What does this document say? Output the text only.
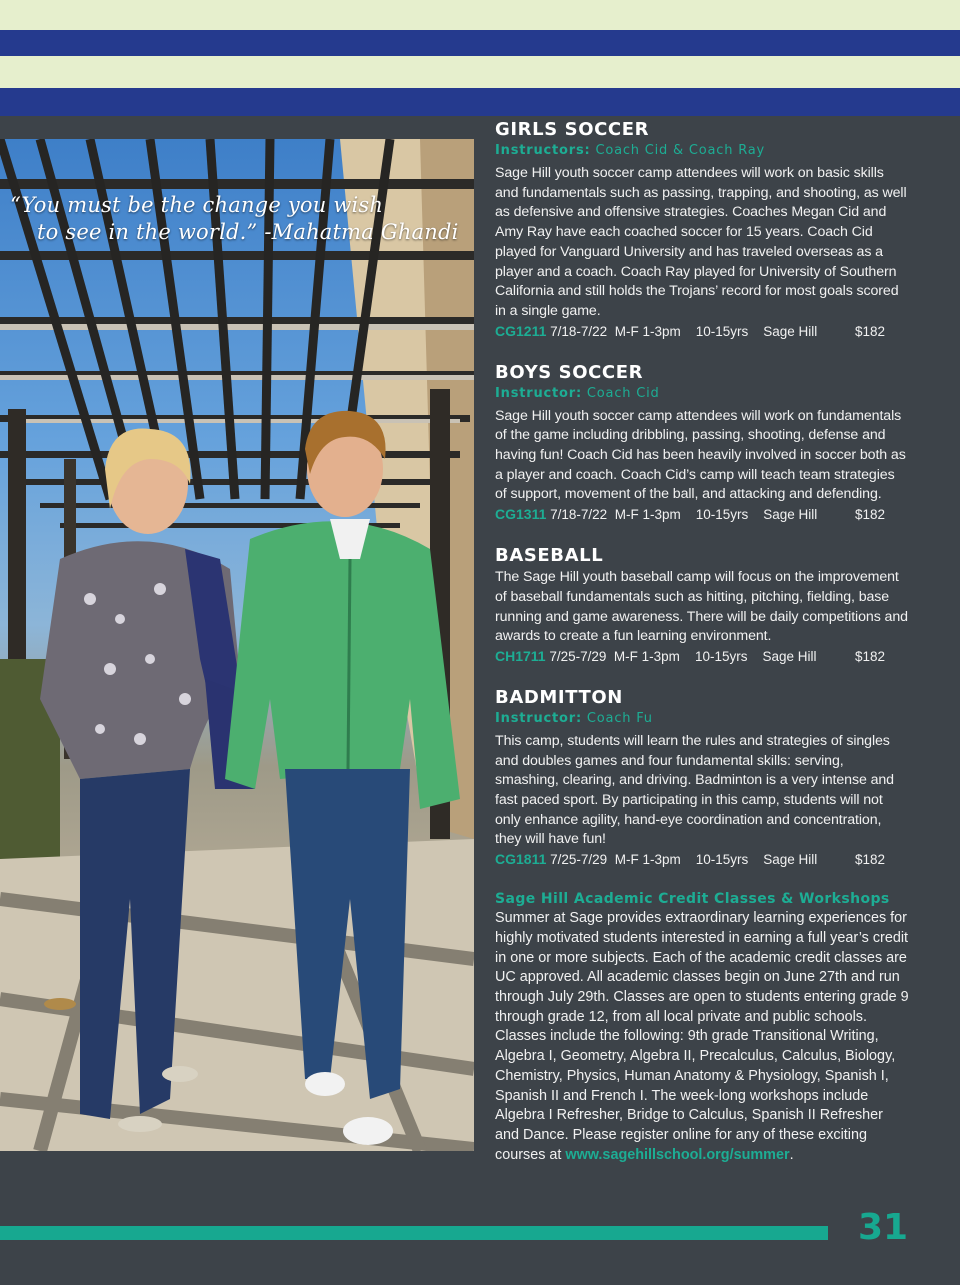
“You must be the change you wish
to see in the world.” -Mahatma Ghandi
GIRLS SOCCER
Instructors: Coach Cid & Coach Ray
Sage Hill youth soccer camp attendees will work on basic skills and fundamentals such as passing, trapping, and shooting, as well as defensive and offensive strategies. Coaches Megan Cid and Amy Ray have each coached soccer for 15 years. Coach Cid played for Vanguard University and has traveled overseas as a player and a coach. Coach Ray played for University of Southern California and still holds the Trojans’ record for most goals scored in a single game.
CG1211 7/18-7/22 M-F 1-3pm 10-15yrs Sage Hill	$182
BOYS SOCCER
Instructor: Coach Cid
Sage Hill youth soccer camp attendees will work on fundamentals of the game including dribbling, passing, shooting, defense and having fun! Coach Cid has been heavily involved in soccer both as a player and coach. Coach Cid’s camp will teach team strategies of support, movement of the ball, and attacking and defending.
CG1311 7/18-7/22 M-F 1-3pm 10-15yrs Sage Hill	$182
BASEBALL
The Sage Hill youth baseball camp will focus on the improvement of baseball fundamentals such as hitting, pitching, fielding, base running and game awareness. There will be daily competitions and awards to create a fun learning environment.
CH1711 7/25-7/29 M-F 1-3pm 10-15yrs Sage Hill	$182
BADMITTON
Instructor: Coach Fu
This camp, students will learn the rules and strategies of singles and doubles games and four fundamental skills: serving, smashing, clearing, and driving. Badminton is a very intense and fast paced sport. By participating in this camp, students will not only enhance agility, hand-eye coordination and concentration, they will have fun!
CG1811 7/25-7/29 M-F 1-3pm 10-15yrs Sage Hill	$182
Sage Hill Academic Credit Classes & Workshops
Summer at Sage provides extraordinary learning experiences for highly motivated students interested in earning a full year’s credit in one or more subjects. Each of the academic credit classes are UC approved. All academic classes begin on June 27th and run through July 29th. Classes are open to students entering grade 9 through grade 12, from all local private and public schools. Classes include the following: 9th grade Transitional Writing, Algebra I, Geometry, Algebra II, Precalculus, Calculus, Biology, Chemistry, Physics, Human Anatomy & Physiology, Spanish I, Spanish II and French I. The week-long workshops include Algebra I Refresher, Bridge to Calculus, Spanish II Refresher and Dance. Please register online for any of these exciting courses at www.sagehillschool.org/summer.
31
